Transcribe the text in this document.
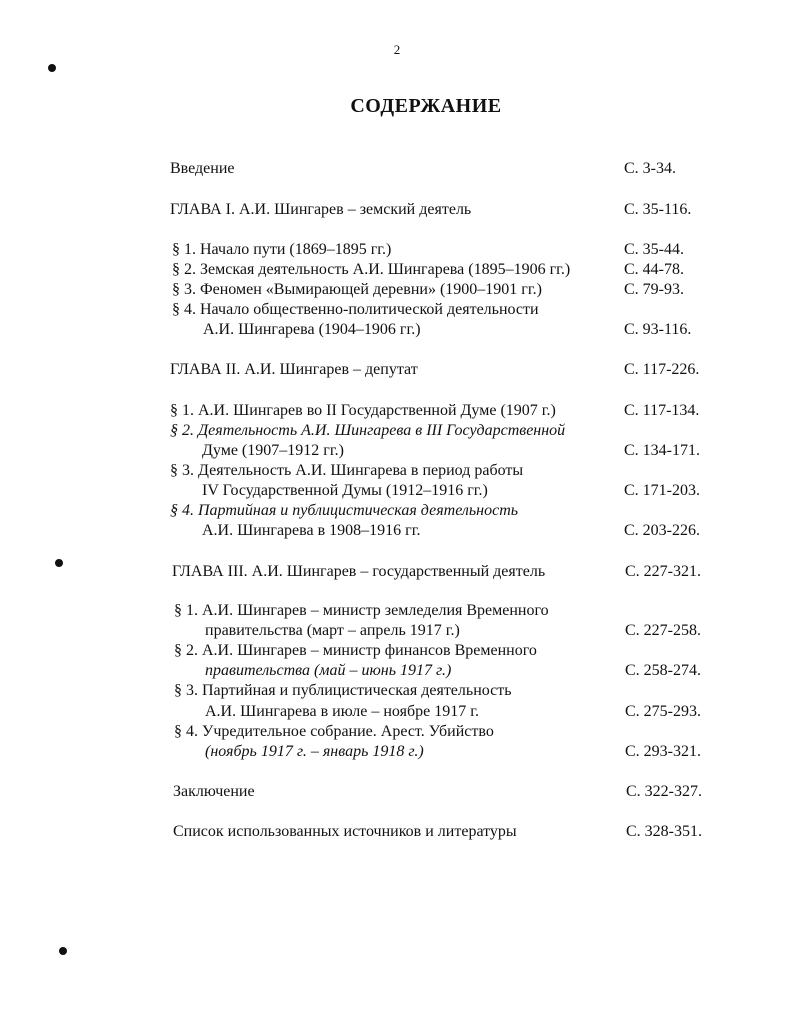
2
СОДЕРЖАНИЕ
Введение	С. 3-34.
ГЛАВА I. А.И. Шингарев – земский деятель	С. 35-116.
§ 1. Начало пути (1869–1895 гг.)	С. 35-44.
§ 2. Земская деятельность А.И. Шингарева (1895–1906 гг.)	С. 44-78.
§ 3. Феномен «Вымирающей деревни» (1900–1901 гг.)	С. 79-93.
§ 4. Начало общественно-политической деятельности
А.И. Шингарева (1904–1906 гг.)	С. 93-116.
ГЛАВА II. А.И. Шингарев – депутат	С. 117-226.
§ 1. А.И. Шингарев во II Государственной Думе (1907 г.)	С. 117-134.
§ 2. Деятельность А.И. Шингарева в III Государственной
Думе (1907–1912 гг.)	С. 134-171.
§ 3. Деятельность А.И. Шингарева в период работы
IV Государственной Думы (1912–1916 гг.)	С. 171-203.
§ 4. Партийная и публицистическая деятельность
А.И. Шингарева в 1908–1916 гг.	С. 203-226.
ГЛАВА III. А.И. Шингарев – государственный деятель	С. 227-321.
§ 1. А.И. Шингарев – министр земледелия Временного
правительства (март – апрель 1917 г.)	С. 227-258.
§ 2. А.И. Шингарев – министр финансов Временного
правительства (май – июнь 1917 г.)	С. 258-274.
§ 3. Партийная и публицистическая деятельность
А.И. Шингарева в июле – ноябре 1917 г.	С. 275-293.
§ 4. Учредительное собрание. Арест. Убийство
(ноябрь 1917 г. – январь 1918 г.)	С. 293-321.
Заключение	С. 322-327.
Список использованных источников и литературы	С. 328-351.
